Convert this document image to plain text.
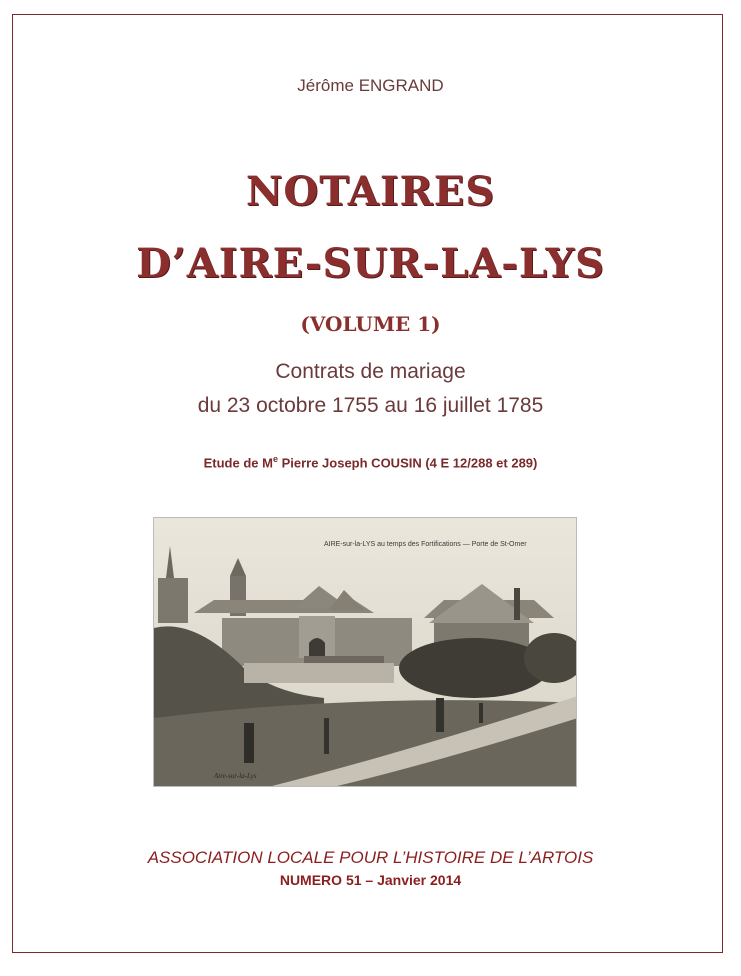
Jérôme ENGRAND
NOTAIRES
D’AIRE-SUR-LA-LYS
(VOLUME 1)
Contrats de mariage
du 23 octobre 1755 au 16 juillet 1785
Etude de Me Pierre Joseph COUSIN (4 E 12/288 et 289)
AIRE-sur-la-LYS au temps des Fortifications — Porte de St-Omer
Aire-sur-la-Lys
ASSOCIATION LOCALE POUR L’HISTOIRE DE L’ARTOIS
NUMERO 51 – Janvier 2014
